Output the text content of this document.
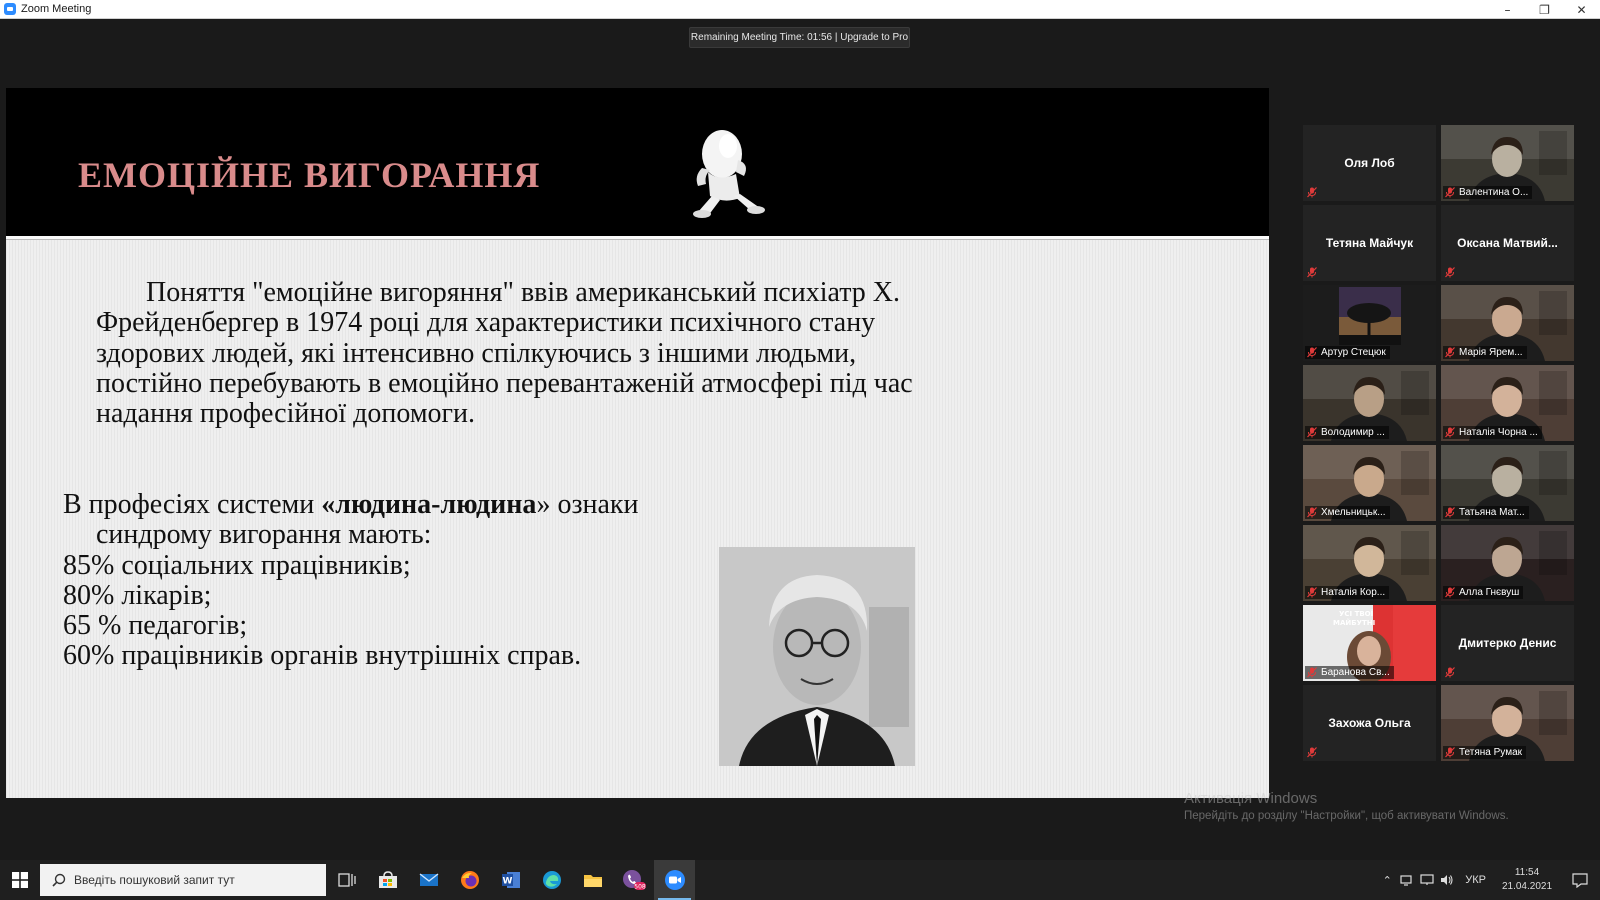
Zoom Meeting	–	❐	✕
Remaining Meeting Time: 01:56 | Upgrade to Pro
ЕМОЦІЙНЕ ВИГОРАННЯ
Поняття "емоційне вигоряння" ввів американський психіатр Х. Фрейденбергер в 1974 році для характеристики психічного стану здорових людей, які інтенсивно спілкуючись з іншими людьми, постійно перебувають в емоційно перевантаженій атмосфері під час надання професійної допомоги.
В професіях системи «людина-людина» ознаки
синдрому вигорання мають:
85% соціальних працівників;
80% лікарів;
65 % педагогів;
60% працівників органів внутрішніх справ.
Оля Лоб
Валентина О...
Тетяна Майчук	Оксана Матвий...
Артур Стецюк	Марія Ярем...
Володимир ...	Наталія Чорна ...
Хмельницьк...	Татьяна Мат...
Наталія Кор...	Алла Гнєвуш
УСІ ТВОЇ
МАЙБУТНІ
Баранова Св...
Дмитерко Денис
Захожа Ольга
Тетяна Румак
Активація Windows
Перейдіть до розділу "Настройки", щоб активувати Windows.
Введіть пошуковий запит тут	W
508
⌃	УКР
11:54
21.04.2021
